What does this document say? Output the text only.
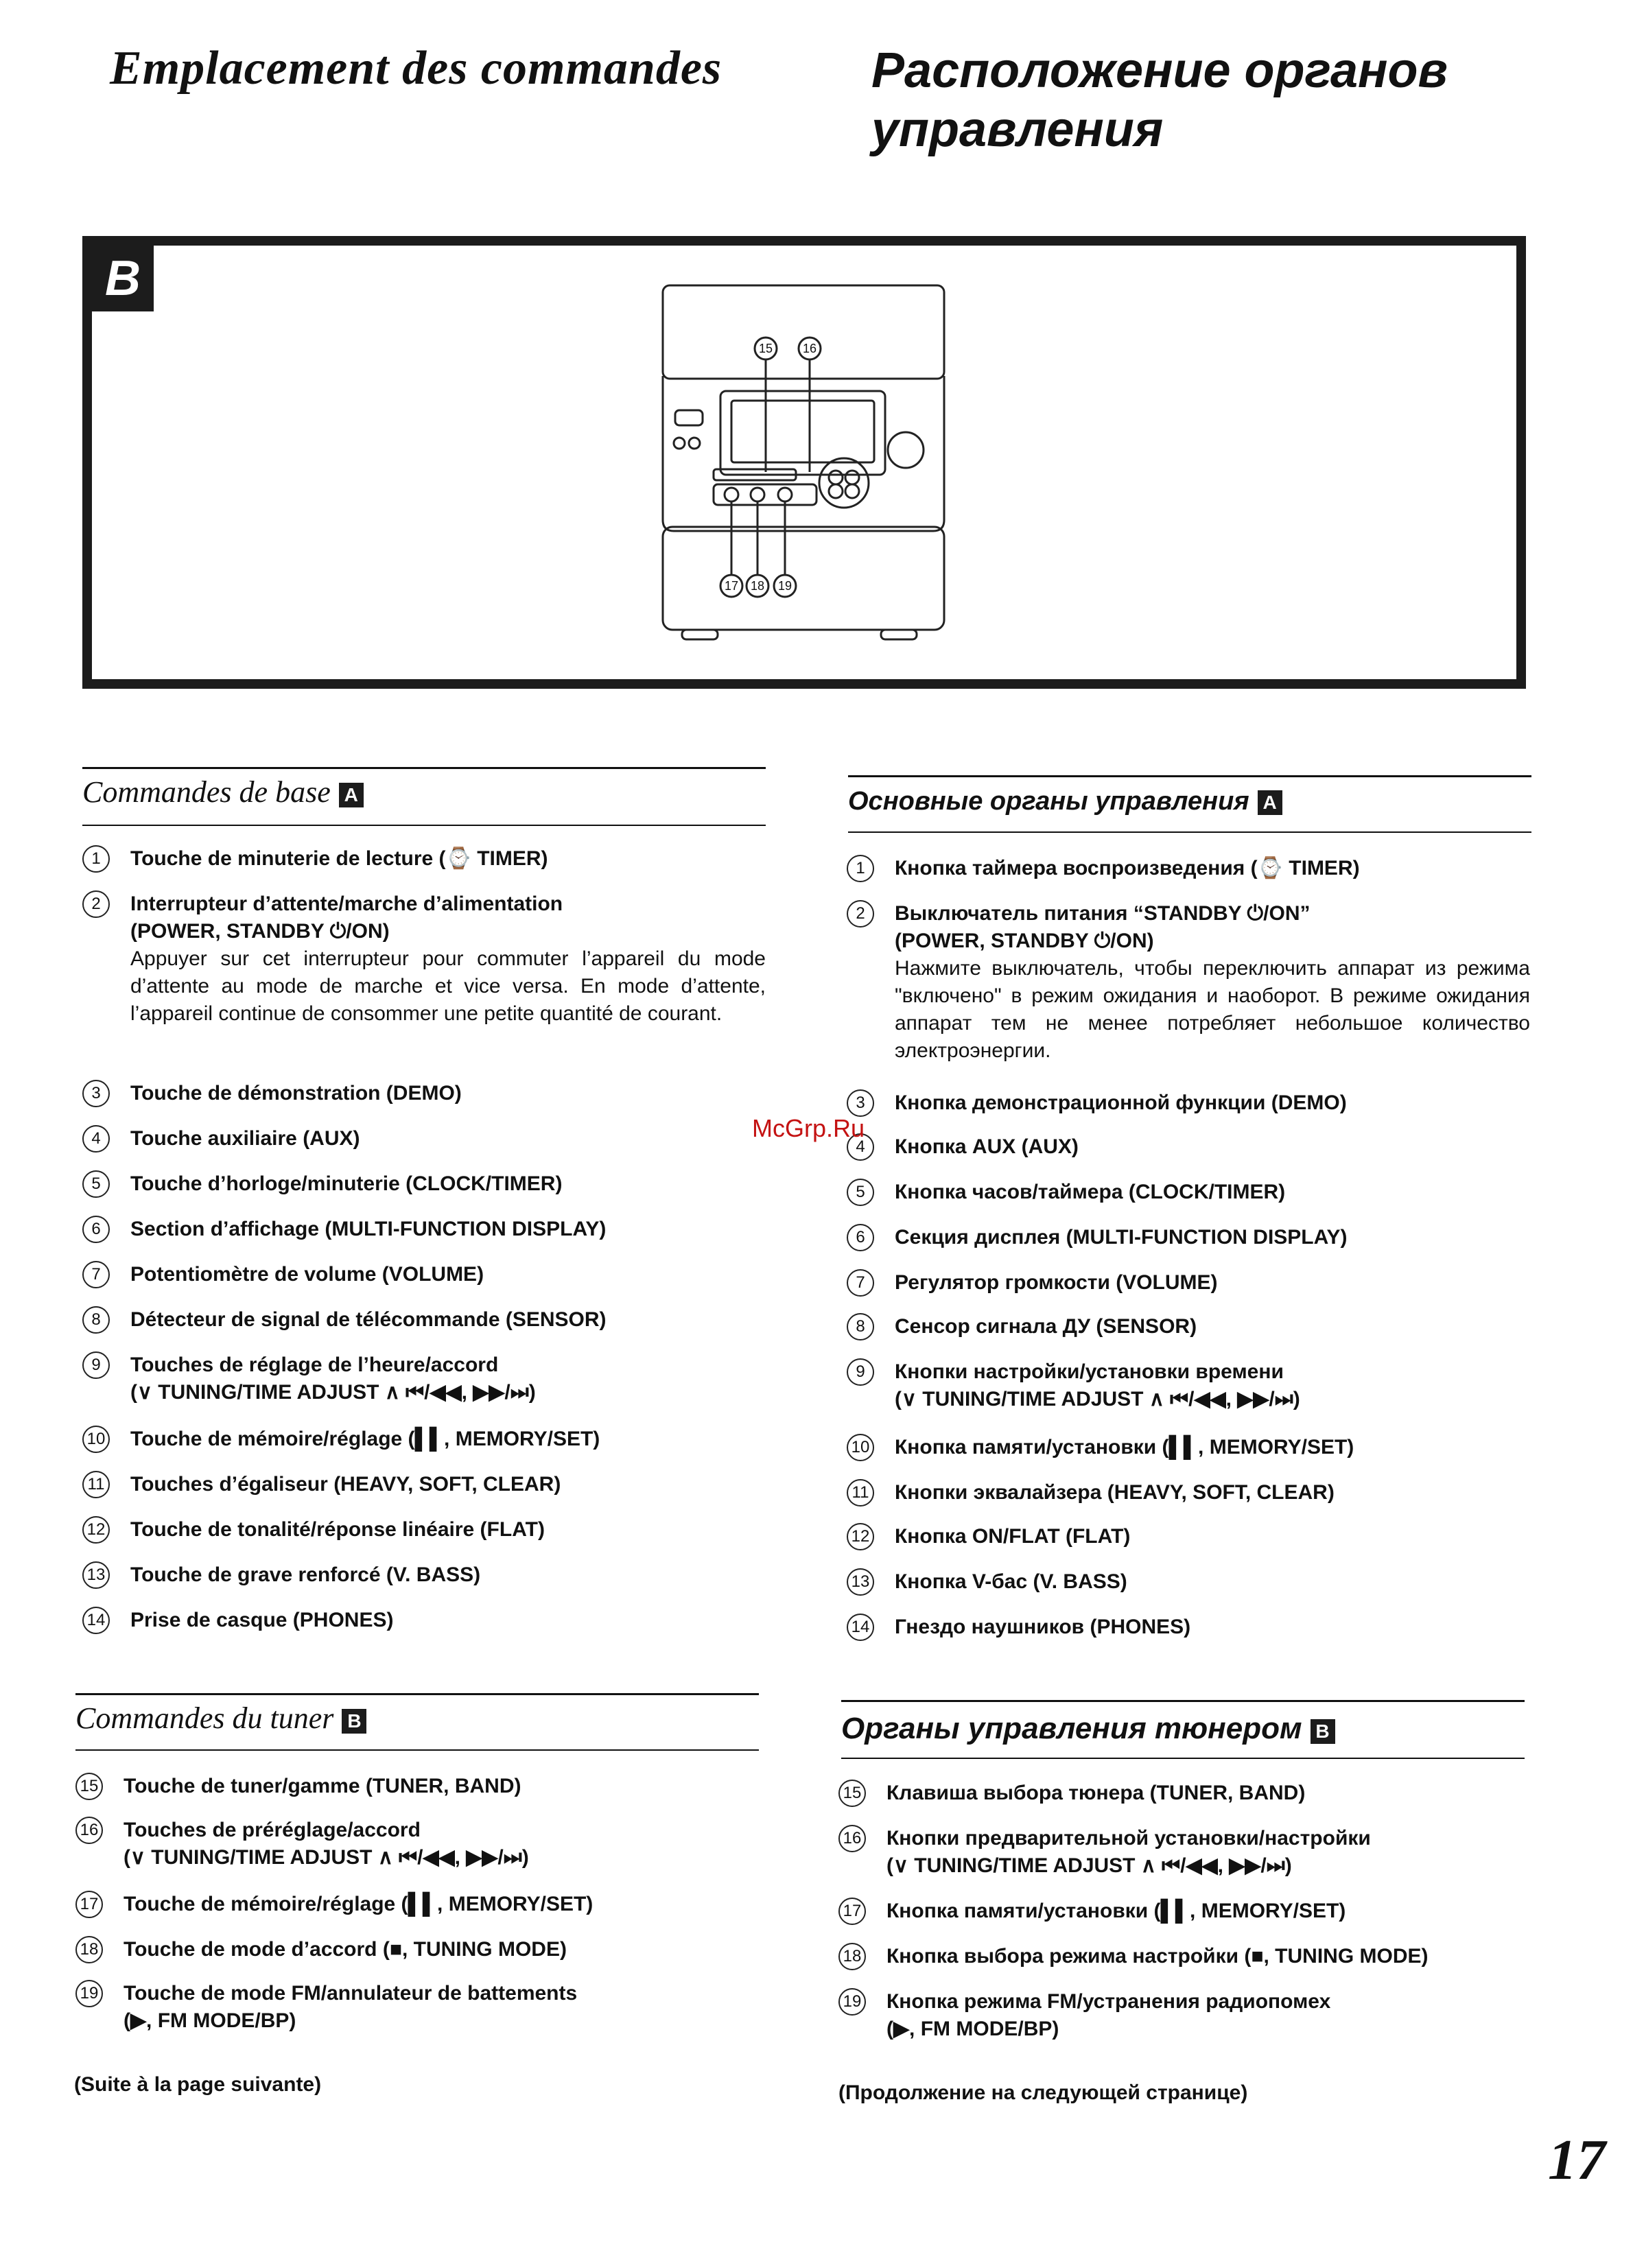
Emplacement des commandes	Расположение органов
управления
B
15 16
17 18 19
Commandes de base A
1	Touche de minuterie de lecture (⌚ TIMER)
2	Interrupteur d’attente/marche d’alimentation
(POWER, STANDBY ⏻/ON)
Appuyer sur cet interrupteur pour commuter l’appareil du mode d’attente au mode de marche et vice versa. En mode d’attente, l’appareil continue de consommer une petite quantité de courant.
3	Touche de démonstration (DEMO)
4	Touche auxiliaire (AUX)
5	Touche d’horloge/minuterie (CLOCK/TIMER)
6	Section d’affichage (MULTI-FUNCTION DISPLAY)
7	Potentiomètre de volume (VOLUME)
8	Détecteur de signal de télécommande (SENSOR)
9	Touches de réglage de l’heure/accord
(∨ TUNING/TIME ADJUST ∧ ⏮/◀◀, ▶▶/⏭)
10 Touche de mémoire/réglage (▌▌, MEMORY/SET)
11 Touches d’égaliseur (HEAVY, SOFT, CLEAR)
12 Touche de tonalité/réponse linéaire (FLAT)
13 Touche de grave renforcé (V. BASS)
14 Prise de casque (PHONES)
Основные органы управления A
1	Кнопка таймера воспроизведения (⌚ TIMER)
2	Выключатель питания “STANDBY ⏻/ON”
(POWER, STANDBY ⏻/ON)
Нажмите выключатель, чтобы переключить аппарат из режима "включено" в режим ожидания и наоборот. В режиме ожидания аппарат тем не менее потребляет небольшое количество электроэнергии.
3	Кнопка демонстрационной функции (DEMO)
4	Кнопка AUX (AUX)
5	Кнопка часов/таймера (CLOCK/TIMER)
6	Секция дисплея (MULTI-FUNCTION DISPLAY)
7	Регулятор громкости (VOLUME)
8	Сенсор сигнала ДУ (SENSOR)
9	Кнопки настройки/установки времени
(∨ TUNING/TIME ADJUST ∧ ⏮/◀◀, ▶▶/⏭)
10 Кнопка памяти/установки (▌▌, MEMORY/SET)
11 Кнопки эквалайзера (HEAVY, SOFT, CLEAR)
12 Кнопка ON/FLAT (FLAT)
13 Кнопка V-бас (V. BASS)
14 Гнездо наушников (PHONES)
Commandes du tuner B
15 Touche de tuner/gamme (TUNER, BAND)
16 Touches de préréglage/accord
(∨ TUNING/TIME ADJUST ∧ ⏮/◀◀, ▶▶/⏭)
17 Touche de mémoire/réglage (▌▌, MEMORY/SET)
18 Touche de mode d’accord (■, TUNING MODE)
19 Touche de mode FM/annulateur de battements
(▶, FM MODE/BP)
(Suite à la page suivante)
Органы управления тюнером B
15 Клавиша выбора тюнера (TUNER, BAND)
16 Кнопки предварительной установки/настройки
(∨ TUNING/TIME ADJUST ∧ ⏮/◀◀, ▶▶/⏭)
17 Кнопка памяти/установки (▌▌, MEMORY/SET)
18 Кнопка выбора режима настройки (■, TUNING MODE)
19 Кнопка режима FM/устранения радиопомех
(▶, FM MODE/BP)
(Продолжение на следующей странице)
McGrp.Ru
17
